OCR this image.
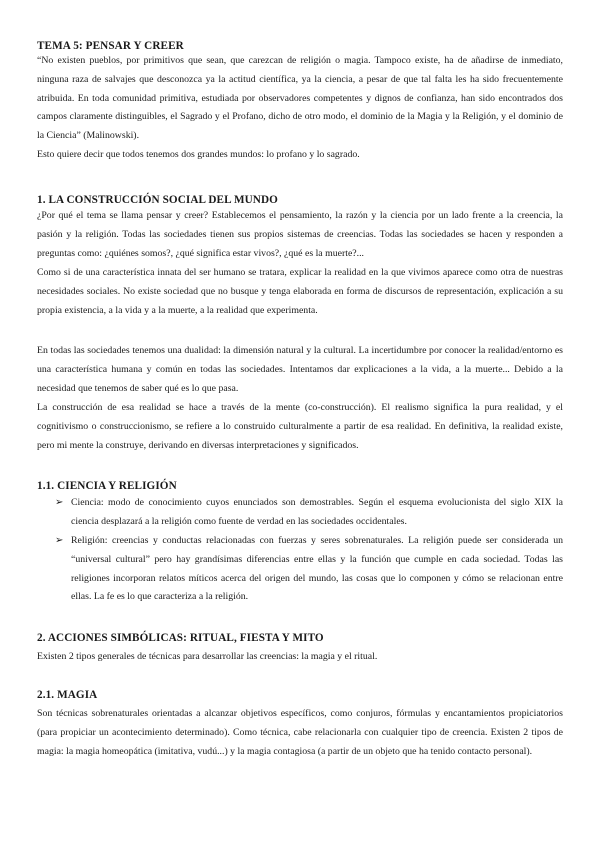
TEMA 5: PENSAR Y CREER

“No existen pueblos, por primitivos que sean, que carezcan de religión o magia. Tampoco existe, ha de añadirse de inmediato, ninguna raza de salvajes que desconozca ya la actitud científica, ya la ciencia, a pesar de que tal falta les ha sido frecuentemente atribuida. En toda comunidad primitiva, estudiada por observadores competentes y dignos de confianza, han sido encontrados dos campos claramente distinguibles, el Sagrado y el Profano, dicho de otro modo, el dominio de la Magia y la Religión, y el dominio de la Ciencia” (Malinowski).

Esto quiere decir que todos tenemos dos grandes mundos: lo profano y lo sagrado.

1. LA CONSTRUCCIÓN SOCIAL DEL MUNDO

¿Por qué el tema se llama pensar y creer? Establecemos el pensamiento, la razón y la ciencia por un lado frente a la creencia, la pasión y la religión. Todas las sociedades tienen sus propios sistemas de creencias. Todas las sociedades se hacen y responden a preguntas como: ¿quiénes somos?, ¿qué significa estar vivos?, ¿qué es la muerte?...

Como si de una característica innata del ser humano se tratara, explicar la realidad en la que vivimos aparece como otra de nuestras necesidades sociales. No existe sociedad que no busque y tenga elaborada en forma de discursos de representación, explicación a su propia existencia, a la vida y a la muerte, a la realidad que experimenta.

En todas las sociedades tenemos una dualidad: la dimensión natural y la cultural. La incertidumbre por conocer la realidad/entorno es una característica humana y común en todas las sociedades. Intentamos dar explicaciones a la vida, a la muerte... Debido a la necesidad que tenemos de saber qué es lo que pasa.

La construcción de esa realidad se hace a través de la mente (co-construcción). El realismo significa la pura realidad, y el cognitivismo o construccionismo, se refiere a lo construido culturalmente a partir de esa realidad. En definitiva, la realidad existe, pero mi mente la construye, derivando en diversas interpretaciones y significados.

1.1. CIENCIA Y RELIGIÓN
➢ Ciencia: modo de conocimiento cuyos enunciados son demostrables. Según el esquema evolucionista del siglo XIX la ciencia desplazará a la religión como fuente de verdad en las sociedades occidentales.
➢ Religión: creencias y conductas relacionadas con fuerzas y seres sobrenaturales. La religión puede ser considerada un “universal cultural” pero hay grandísimas diferencias entre ellas y la función que cumple en cada sociedad. Todas las religiones incorporan relatos míticos acerca del origen del mundo, las cosas que lo componen y cómo se relacionan entre ellas. La fe es lo que caracteriza a la religión.
2. ACCIONES SIMBÓLICAS: RITUAL, FIESTA Y MITO

Existen 2 tipos generales de técnicas para desarrollar las creencias: la magia y el ritual.

2.1. MAGIA

Son técnicas sobrenaturales orientadas a alcanzar objetivos específicos, como conjuros, fórmulas y encantamientos propiciatorios (para propiciar un acontecimiento determinado). Como técnica, cabe relacionarla con cualquier tipo de creencia. Existen 2 tipos de magia: la magia homeopática (imitativa, vudú...) y la magia contagiosa (a partir de un objeto que ha tenido contacto personal).
